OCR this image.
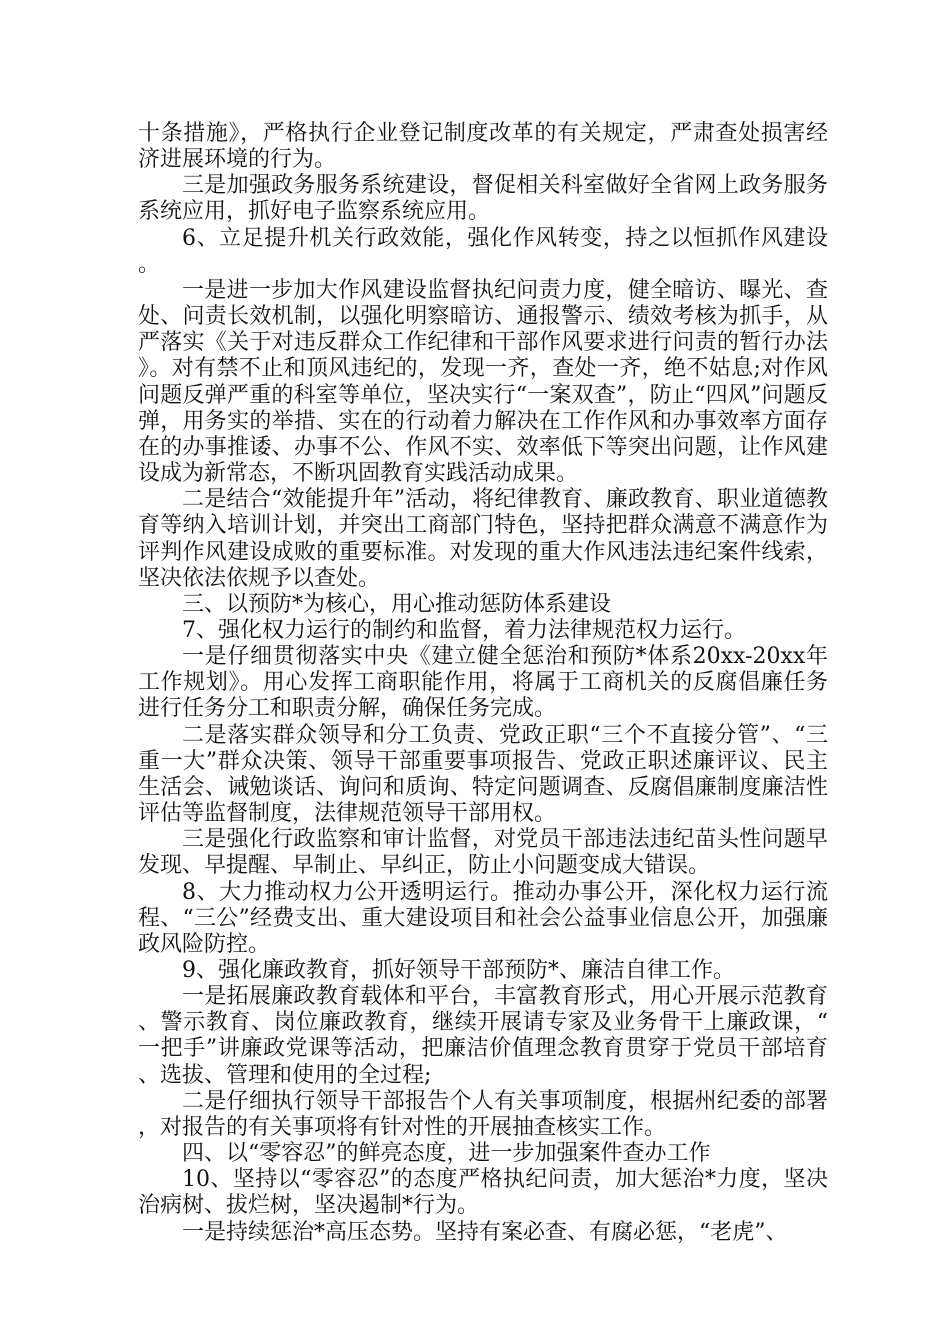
十条措施》，严格执行企业登记制度改革的有关规定，严肃查处损害经济进展环境的行为。

三是加强政务服务系统建设，督促相关科室做好全省网上政务服务系统应用，抓好电子监察系统应用。

6、立足提升机关行政效能，强化作风转变，持之以恒抓作风建设。

一是进一步加大作风建设监督执纪问责力度，健全暗访、曝光、查处、问责长效机制，以强化明察暗访、通报警示、绩效考核为抓手，从严落实《关于对违反群众工作纪律和干部作风要求进行问责的暂行办法》。对有禁不止和顶风违纪的，发现一齐，查处一齐，绝不姑息;对作风问题反弹严重的科室等单位，坚决实行“一案双查”，防止“四风”问题反弹，用务实的举措、实在的行动着力解决在工作作风和办事效率方面存在的办事推诿、办事不公、作风不实、效率低下等突出问题，让作风建设成为新常态，不断巩固教育实践活动成果。

二是结合“效能提升年”活动，将纪律教育、廉政教育、职业道德教育等纳入培训计划，并突出工商部门特色，坚持把群众满意不满意作为评判作风建设成败的重要标准。对发现的重大作风违法违纪案件线索，坚决依法依规予以查处。

三、以预防*为核心，用心推动惩防体系建设

7、强化权力运行的制约和监督，着力法律规范权力运行。

一是仔细贯彻落实中央《建立健全惩治和预防*体系20xx-20xx年工作规划》。用心发挥工商职能作用，将属于工商机关的反腐倡廉任务进行任务分工和职责分解，确保任务完成。

二是落实群众领导和分工负责、党政正职“三个不直接分管”、“三重一大”群众决策、领导干部重要事项报告、党政正职述廉评议、民主生活会、诫勉谈话、询问和质询、特定问题调查、反腐倡廉制度廉洁性评估等监督制度，法律规范领导干部用权。

三是强化行政监察和审计监督，对党员干部违法违纪苗头性问题早发现、早提醒、早制止、早纠正，防止小问题变成大错误。

8、大力推动权力公开透明运行。推动办事公开，深化权力运行流程、“三公”经费支出、重大建设项目和社会公益事业信息公开，加强廉政风险防控。

9、强化廉政教育，抓好领导干部预防*、廉洁自律工作。

一是拓展廉政教育载体和平台，丰富教育形式，用心开展示范教育、警示教育、岗位廉政教育，继续开展请专家及业务骨干上廉政课，“一把手”讲廉政党课等活动，把廉洁价值理念教育贯穿于党员干部培育、选拔、管理和使用的全过程;

二是仔细执行领导干部报告个人有关事项制度，根据州纪委的部署，对报告的有关事项将有针对性的开展抽查核实工作。

四、以“零容忍”的鲜亮态度，进一步加强案件查办工作

10、坚持以“零容忍”的态度严格执纪问责，加大惩治*力度，坚决治病树、拔烂树，坚决遏制*行为。

一是持续惩治*高压态势。坚持有案必查、有腐必惩，“老虎”、
